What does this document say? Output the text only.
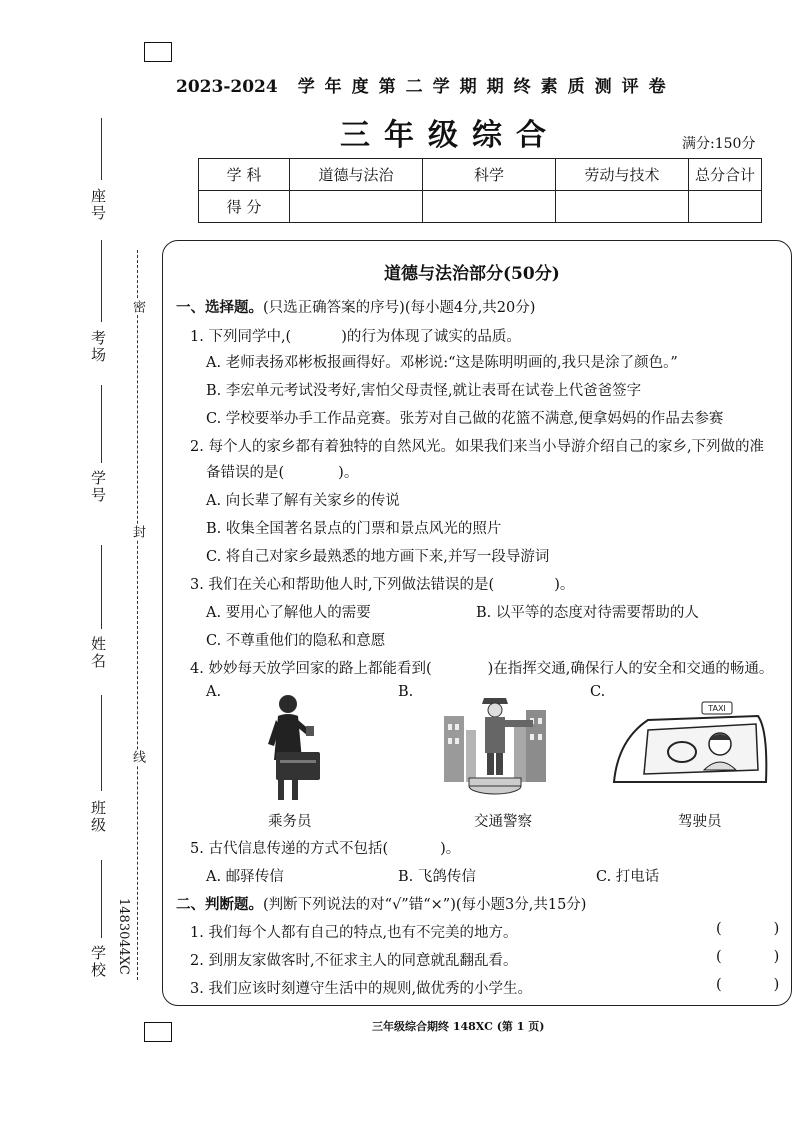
座号
考场
学号
姓名
班级
学校 1483044XC
密
封
线
2023-2024 学年度第二学期期终素质测评卷
三年级综合	满分:150分
学 科	道德与法治	科学	劳动与技术	总分合计
得 分				
道德与法治部分(50分)
一、选择题。(只选正确答案的序号)(每小题4分,共20分)
1. 下列同学中,(	)的行为体现了诚实的品质。
A. 老师表扬邓彬板报画得好。邓彬说:“这是陈明明画的,我只是涂了颜色。”
B. 李宏单元考试没考好,害怕父母责怪,就让表哥在试卷上代爸爸签字
C. 学校要举办手工作品竞赛。张芳对自己做的花篮不满意,便拿妈妈的作品去参赛
2. 每个人的家乡都有着独特的自然风光。如果我们来当小导游介绍自己的家乡,下列做的准
备错误的是(	)。
A. 向长辈了解有关家乡的传说
B. 收集全国著名景点的门票和景点风光的照片
C. 将自己对家乡最熟悉的地方画下来,并写一段导游词
3. 我们在关心和帮助他人时,下列做法错误的是(	)。
A. 要用心了解他人的需要	B. 以平等的态度对待需要帮助的人
C. 不尊重他们的隐私和意愿
4. 妙妙每天放学回家的路上都能看到(	)在指挥交通,确保行人的安全和交通的畅通。
A.	B.	C.
TAXI
乘务员	交通警察	驾驶员
5. 古代信息传递的方式不包括(	)。
A. 邮驿传信	B. 飞鸽传信	C. 打电话
二、判断题。(判断下列说法的对“√”错“×”)(每小题3分,共15分)
1. 我们每个人都有自己的特点,也有不完美的地方。
2. 到朋友家做客时,不征求主人的同意就乱翻乱看。
3. 我们应该时刻遵守生活中的规则,做优秀的小学生。
(	)
(	)
(	)
三年级综合期终 148XC (第 1 页)
